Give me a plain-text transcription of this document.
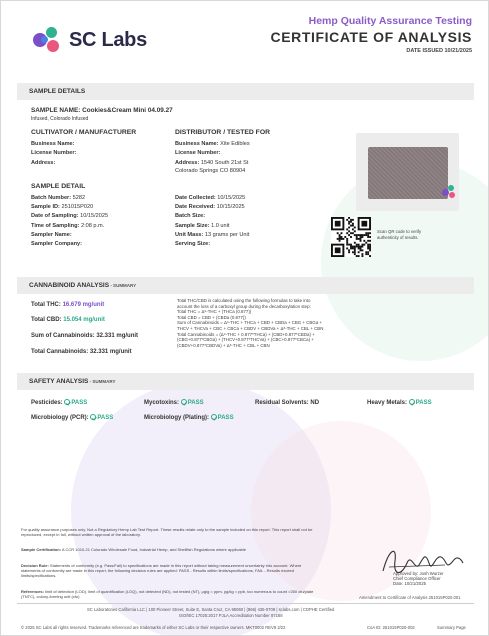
SC Labs
Hemp Quality Assurance Testing
CERTIFICATE OF ANALYSIS
DATE ISSUED 10/21/2025
SAMPLE DETAILS
SAMPLE NAME: Cookies&Cream Mini 04.09.27
Infused, Colorado Infused
CULTIVATOR / MANUFACTURER
Business Name:
License Number:
Address:
DISTRIBUTOR / TESTED FOR
Business Name: Xite Edibles
License Number:
Address: 1540 South 21st St
Colorado Springs CO 80904
SAMPLE DETAIL
Batch Number: 5282
Sample ID: 251015P020
Date of Sampling: 10/15/2025
Time of Sampling: 2:08 p.m.
Sampler Name:
Sampler Company:
Date Collected: 10/15/2025
Date Received: 10/15/2025
Batch Size:
Sample Size: 1.0 unit
Unit Mass: 13 grams per Unit
Serving Size:
Scan QR code to verify authenticity of results.
CANNABINOID ANALYSIS - SUMMARY
Total THC: 16.679 mg/unit
Total CBD: 15.054 mg/unit
Sum of Cannabinoids: 32.331 mg/unit
Total Cannabinoids: 32.331 mg/unit
Total THC/CBD is calculated using the following formulas to take into
account the loss of a carboxyl group during the decarboxylation step:
Total THC = Δ⁹-THC + (THCa (0.877))
Total CBD = CBD + (CBDa (0.877))
Sum of Cannabinoids = Δ⁹-THC + THCa + CBD + CBDa + CBG + CBGa +
THCV + THCVa + CBC + CBCa + CBDV + CBDVa + Δ⁸-THC + CBL + CBN
Total Cannabinoids = (Δ⁹-THC + 0.877*THCa) + (CBD+0.877*CBDa) +
(CBG+0.877*CBGa) + (THCV+0.877*THCVa) + (CBC+0.877*CBCa) +
(CBDV+0.877*CBDVa) + Δ⁸-THC + CBL + CBN
SAFETY ANALYSIS - SUMMARY
Pesticides: PASS	Mycotoxins: PASS	Residual Solvents: ND	Heavy Metals: PASS
Microbiology (PCR): PASS	Microbiology (Plating): PASS
For quality assurance purposes only. Not a Regulatory Hemp Lab Test Report. These results relate only to the sample included on this report. This report shall not be reproduced, except in full, without written approval of the laboratory.
Sample Certification: A CCR 1010-21 Colorado Wholesale Food, Industrial Hemp, and Shellfish Regulations where applicable
Decision Rule: Statements of conformity (e.g. Pass/Fail) to specifications are made in this report without taking measurement uncertainty into account. Where statements of conformity are made in this report, the following decision rules are applied: PASS - Results within limits/specifications, FAIL - Results exceed limits/specifications.
References: limit of detection (LOD), limit of quantification (LOQ), not detected (ND), not tested (NT), μg/g = ppm, pg/kg = ppb, too numerous to count >250 cfu/plate (TNTC), colony-forming unit (cfu)
Approved by: Josh Wurzer
Chief Compliance Officer
Date: 10/21/2025
Amendment to Certificate of Analysis 251015P020.001
SC Laboratories California LLC | 100 Pioneer Street, Suite E, Santa Cruz, CA 95060 | (866) 435-0709 | sclabs.com | CDPHE Certified
ISO/IEC 17025:2017 PJLA Accreditation Number 87168
© 2025 SC Labs all rights reserved. Trademarks referenced are trademarks of either SC Labs or their respective owners. MKT0002 REV9 2/22	CoA ID: 251015P020-002	Summary Page
